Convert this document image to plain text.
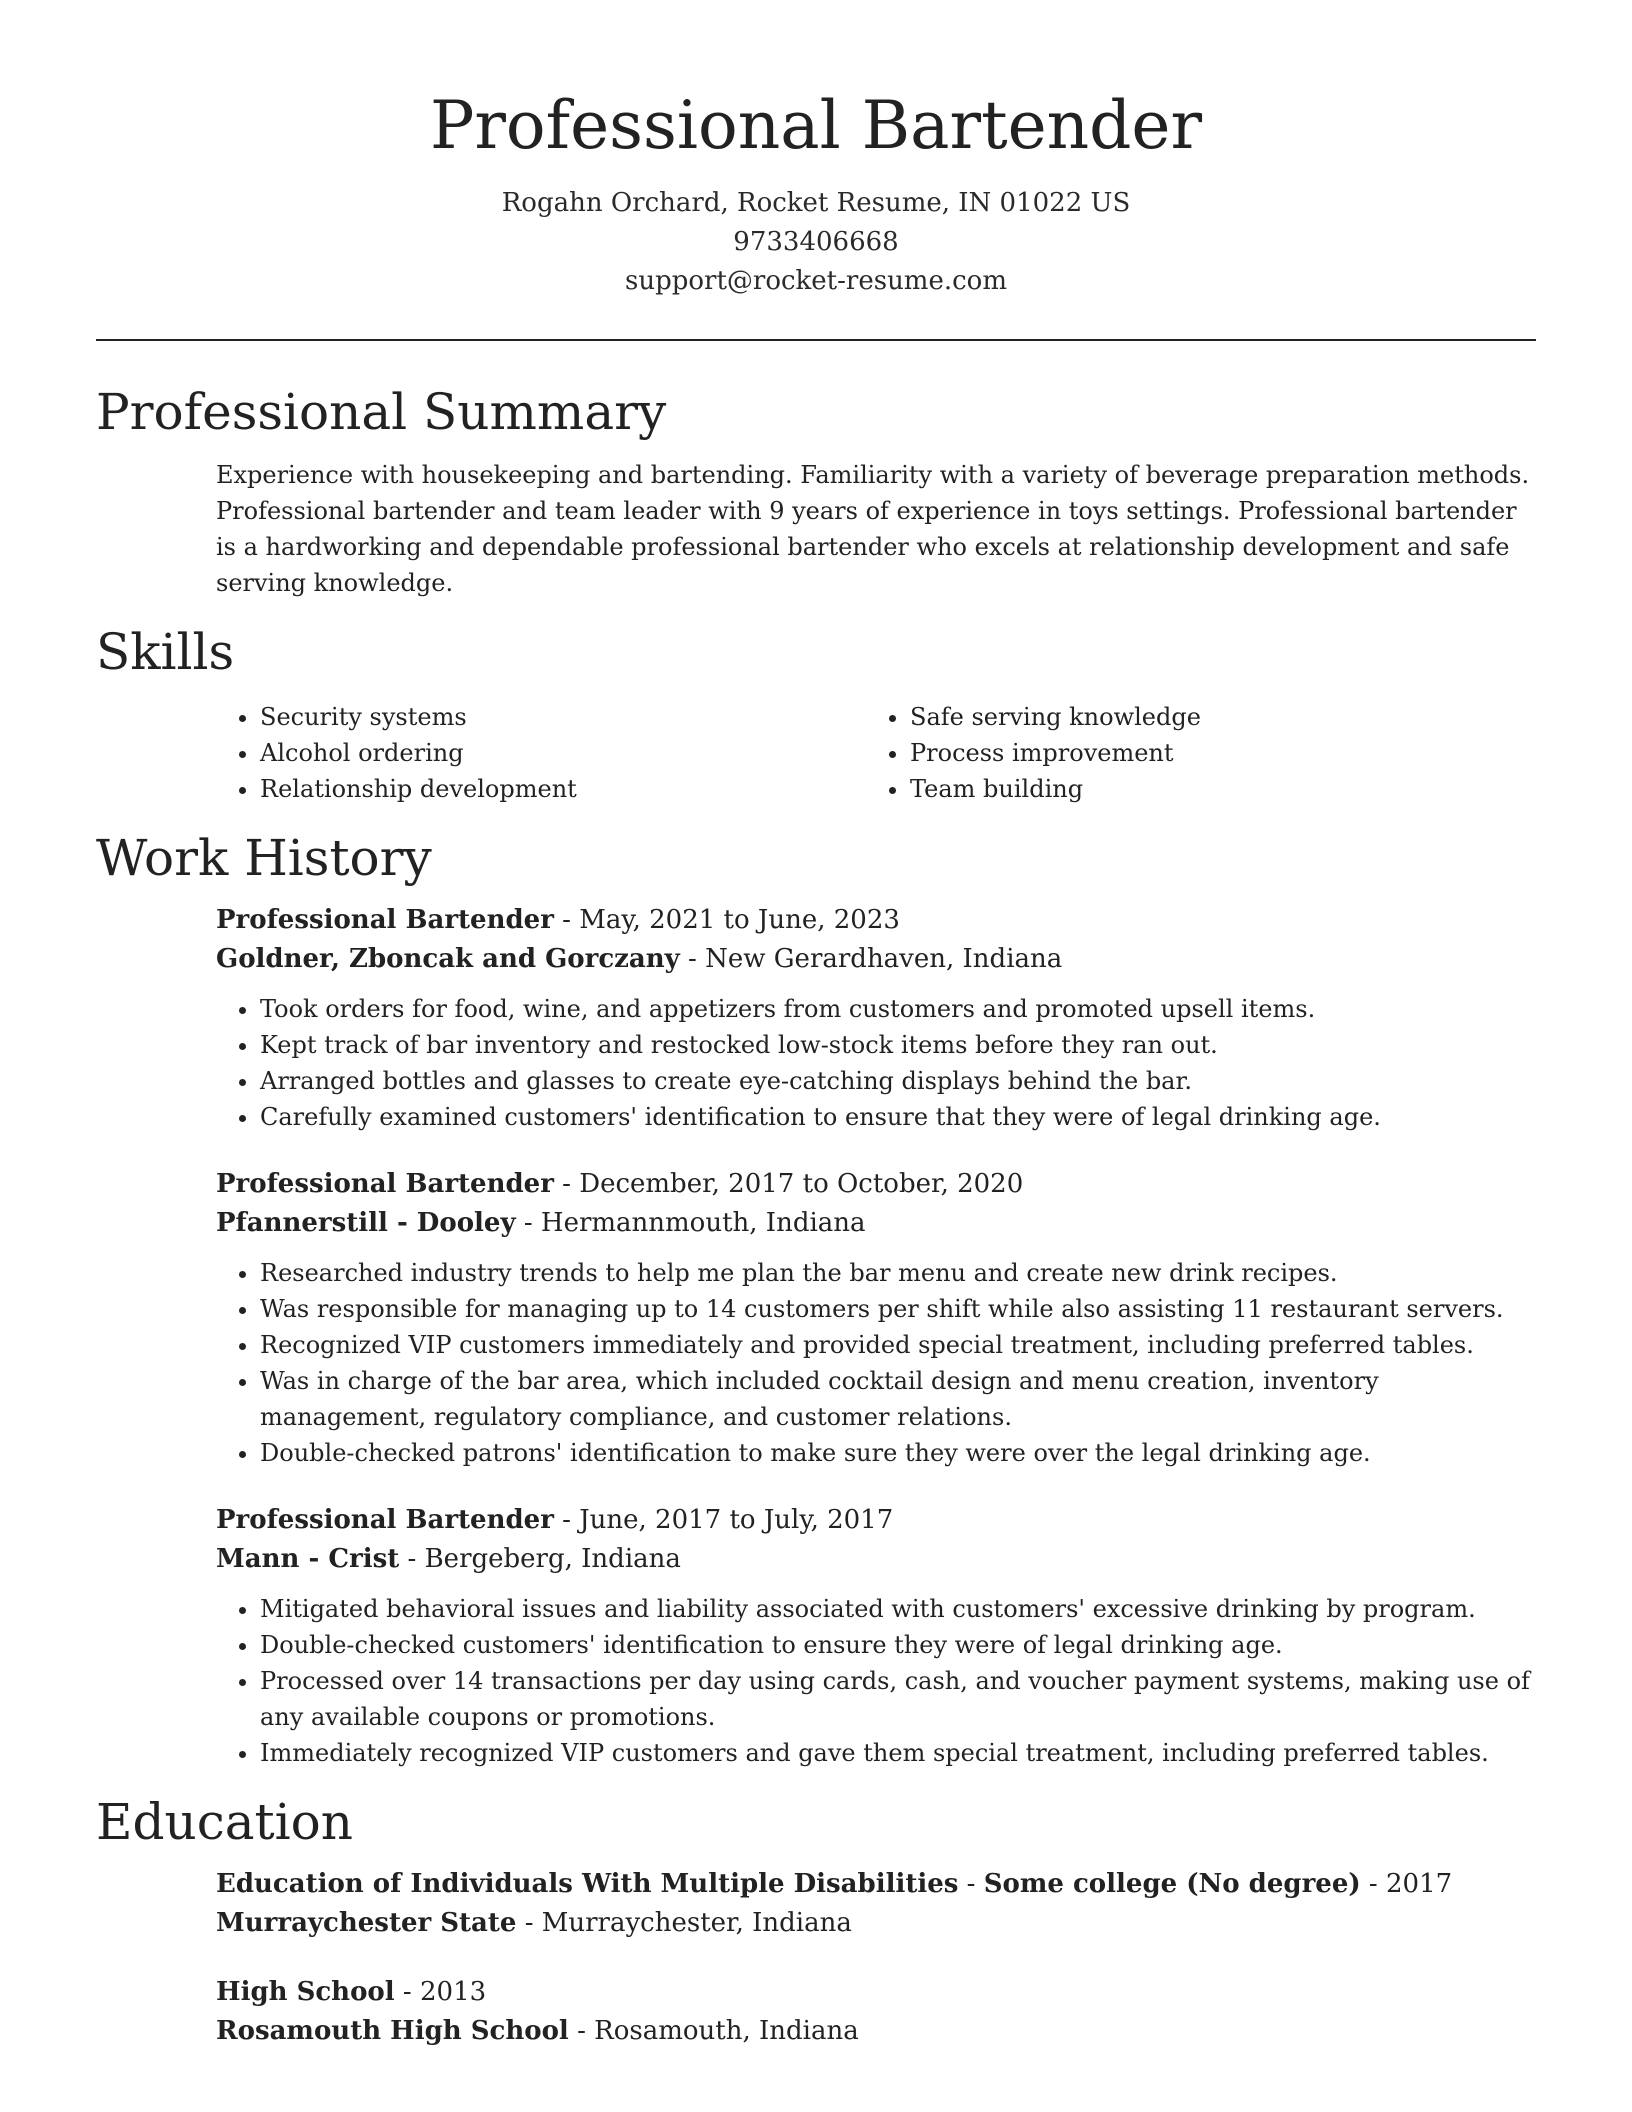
Professional Bartender

Rogahn Orchard, Rocket Resume, IN 01022 US

9733406668

support@rocket-resume.com

Professional Summary

Experience with housekeeping and bartending. Familiarity with a variety of beverage preparation methods. Professional bartender and team leader with 9 years of experience in toys settings. Professional bartender is a hardworking and dependable professional bartender who excels at relationship development and safe serving knowledge.

Skills
• Security systems
• Alcohol ordering
• Relationship development
• Safe serving knowledge
• Process improvement
• Team building
Work History

Professional Bartender - May, 2021 to June, 2023

Goldner, Zboncak and Gorczany - New Gerardhaven, Indiana

• Took orders for food, wine, and appetizers from customers and promoted upsell items.
• Kept track of bar inventory and restocked low-stock items before they ran out.
• Arranged bottles and glasses to create eye-catching displays behind the bar.
• Carefully examined customers' identification to ensure that they were of legal drinking age.

Professional Bartender - December, 2017 to October, 2020

Pfannerstill - Dooley - Hermannmouth, Indiana

• Researched industry trends to help me plan the bar menu and create new drink recipes.
• Was responsible for managing up to 14 customers per shift while also assisting 11 restaurant servers.
• Recognized VIP customers immediately and provided special treatment, including preferred tables.
• Was in charge of the bar area, which included cocktail design and menu creation, inventory management, regulatory compliance, and customer relations.
• Double-checked patrons' identification to make sure they were over the legal drinking age.

Professional Bartender - June, 2017 to July, 2017

Mann - Crist - Bergeberg, Indiana

• Mitigated behavioral issues and liability associated with customers' excessive drinking by program.
• Double-checked customers' identification to ensure they were of legal drinking age.
• Processed over 14 transactions per day using cards, cash, and voucher payment systems, making use of any available coupons or promotions.
• Immediately recognized VIP customers and gave them special treatment, including preferred tables.
Education

Education of Individuals With Multiple Disabilities - Some college (No degree) - 2017

Murraychester State - Murraychester, Indiana

High School - 2013

Rosamouth High School - Rosamouth, Indiana
